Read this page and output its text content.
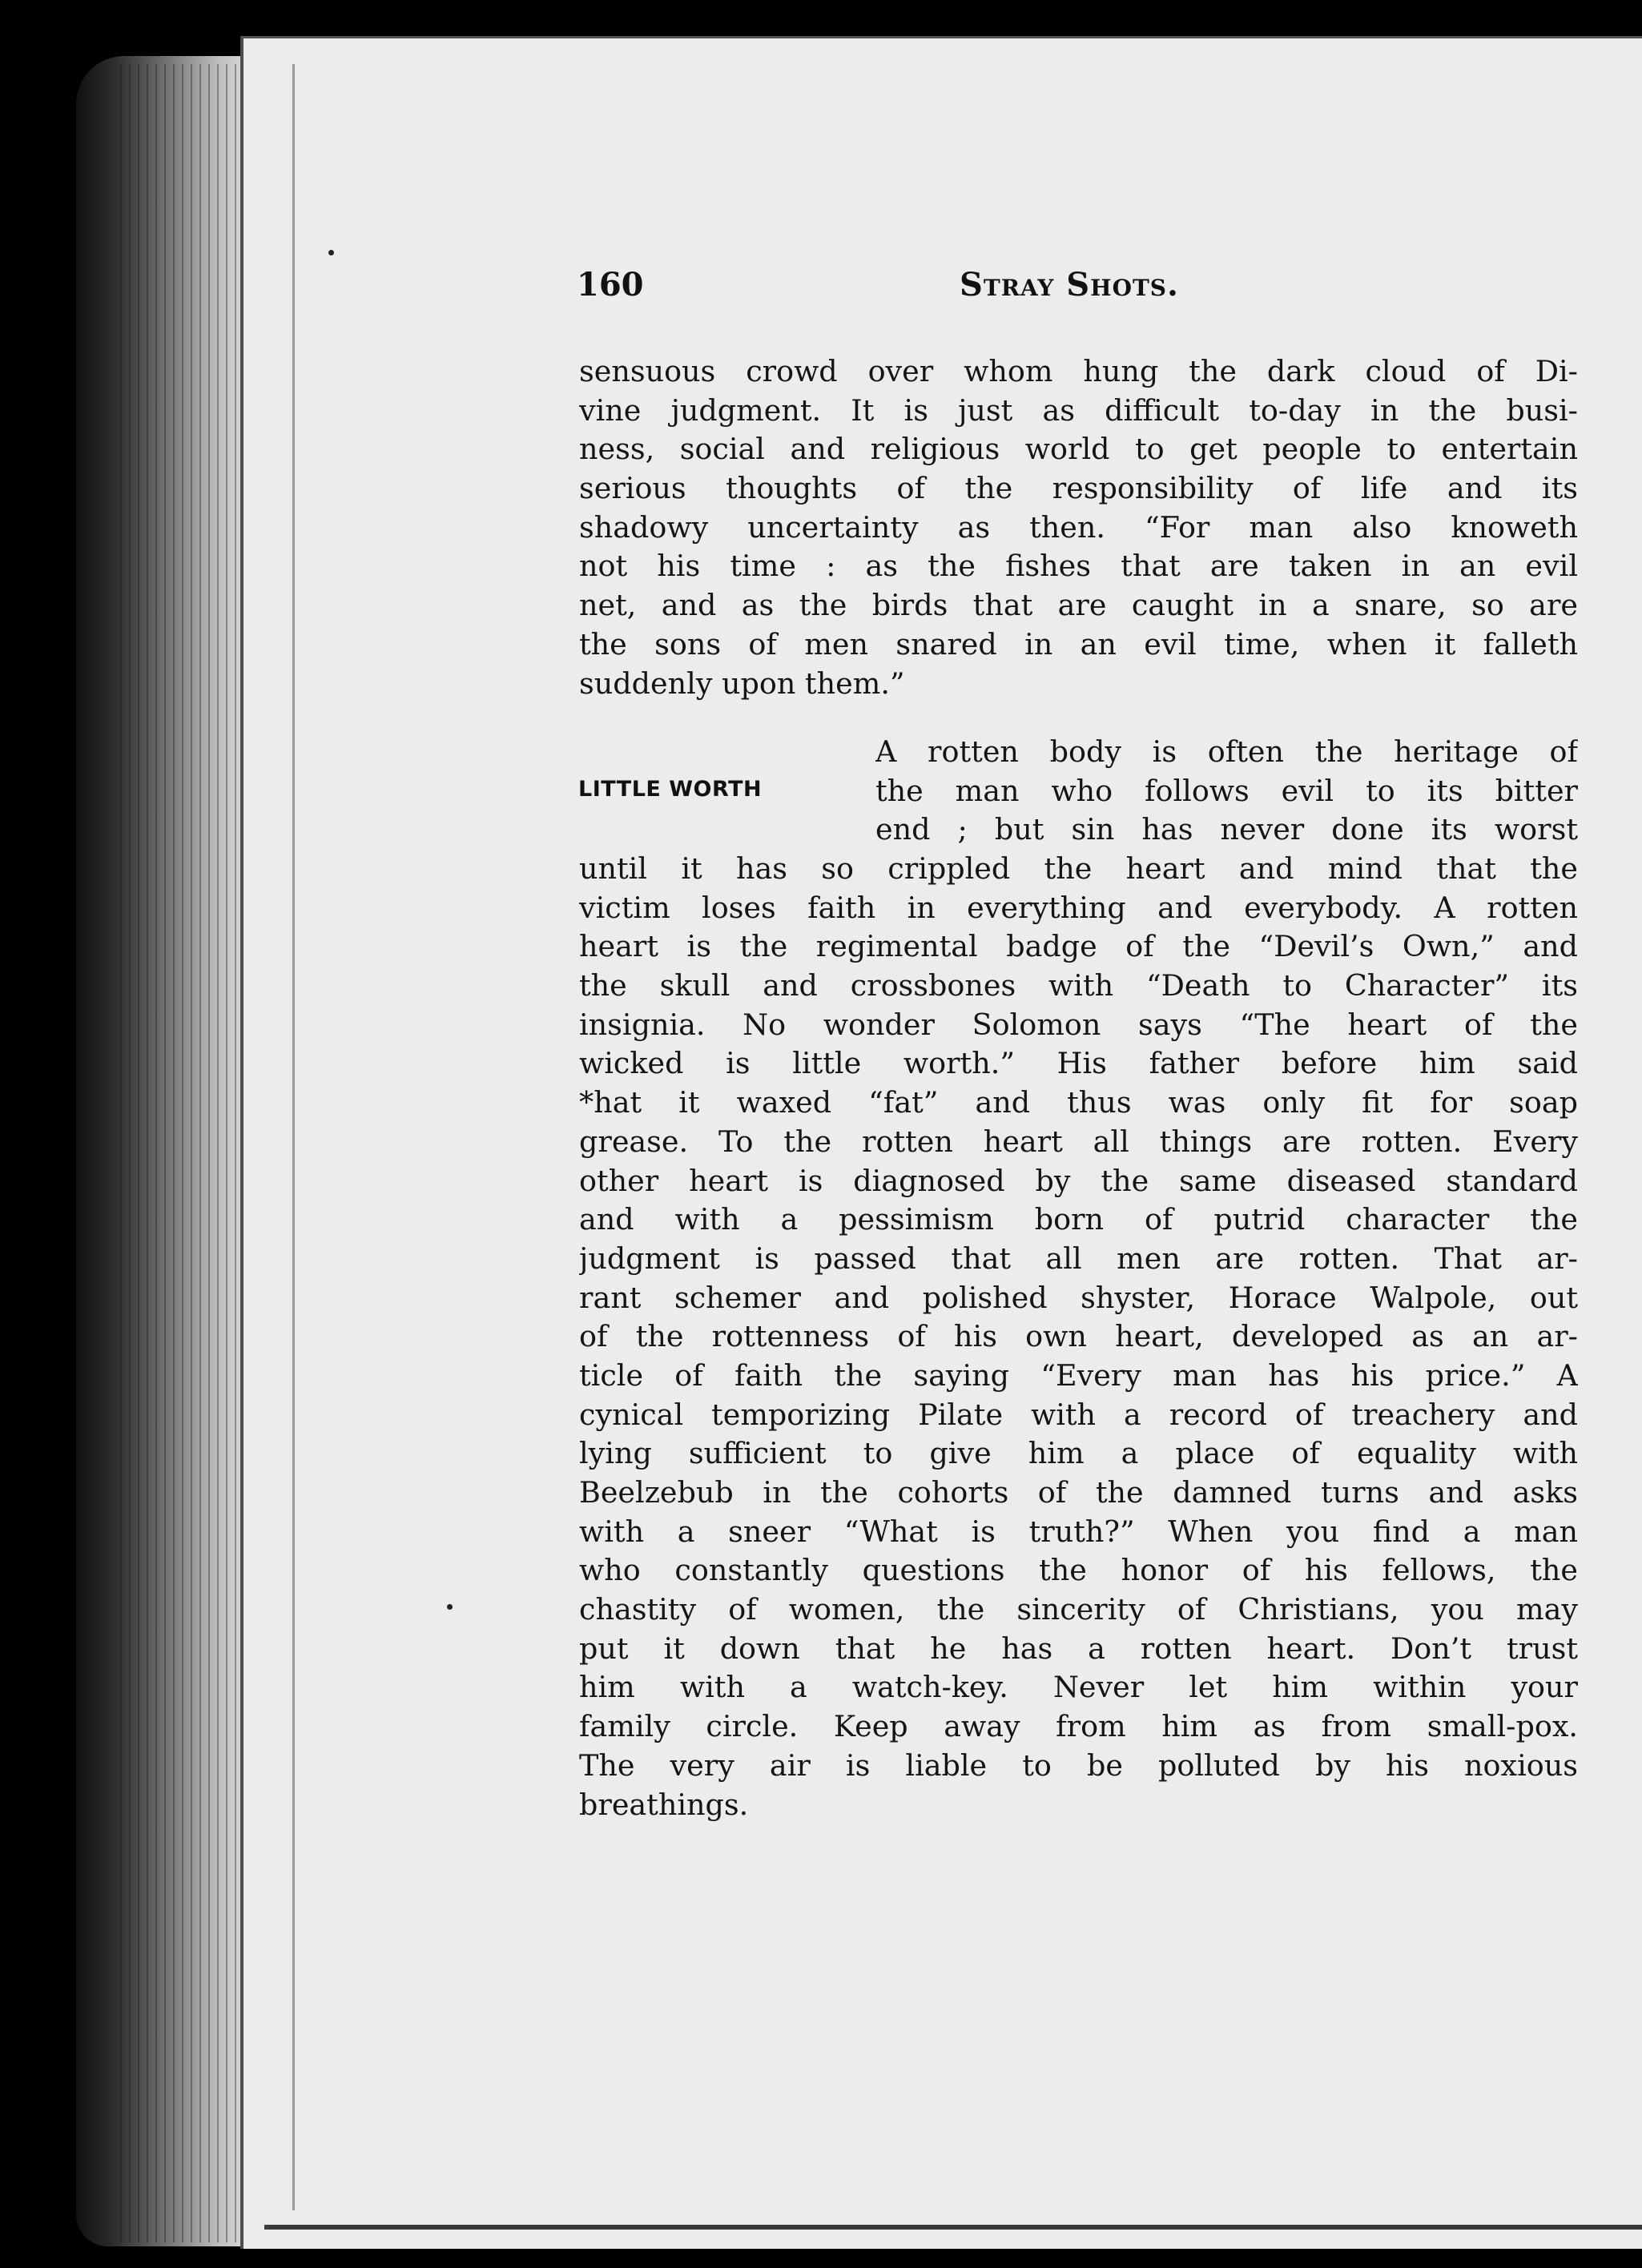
160	Stray Shots.
sensuous crowd over whom hung the dark cloud of Di-
vine judgment. It is just as difficult to-day in the busi-
ness, social and religious world to get people to entertain
serious thoughts of the responsibility of life and its
shadowy uncertainty as then. “For man also knoweth
not his time : as the fishes that are taken in an evil
net, and as the birds that are caught in a snare, so are
the sons of men snared in an evil time, when it falleth
suddenly upon them.”
LITTLE WORTH
A rotten body is often the heritage of
the man who follows evil to its bitter
end ; but sin has never done its worst
until it has so crippled the heart and mind that the
victim loses faith in everything and everybody. A rotten
heart is the regimental badge of the “Devil’s Own,” and
the skull and crossbones with “Death to Character” its
insignia. No wonder Solomon says “The heart of the
wicked is little worth.” His father before him said
*hat it waxed “fat” and thus was only fit for soap
grease. To the rotten heart all things are rotten. Every
other heart is diagnosed by the same diseased standard
and with a pessimism born of putrid character the
judgment is passed that all men are rotten. That ar-
rant schemer and polished shyster, Horace Walpole, out
of the rottenness of his own heart, developed as an ar-
ticle of faith the saying “Every man has his price.” A
cynical temporizing Pilate with a record of treachery and
lying sufficient to give him a place of equality with
Beelzebub in the cohorts of the damned turns and asks
with a sneer “What is truth?” When you find a man
who constantly questions the honor of his fellows, the
chastity of women, the sincerity of Christians, you may
put it down that he has a rotten heart. Don’t trust
him with a watch-key. Never let him within your
family circle. Keep away from him as from small-pox.
The very air is liable to be polluted by his noxious
breathings.
